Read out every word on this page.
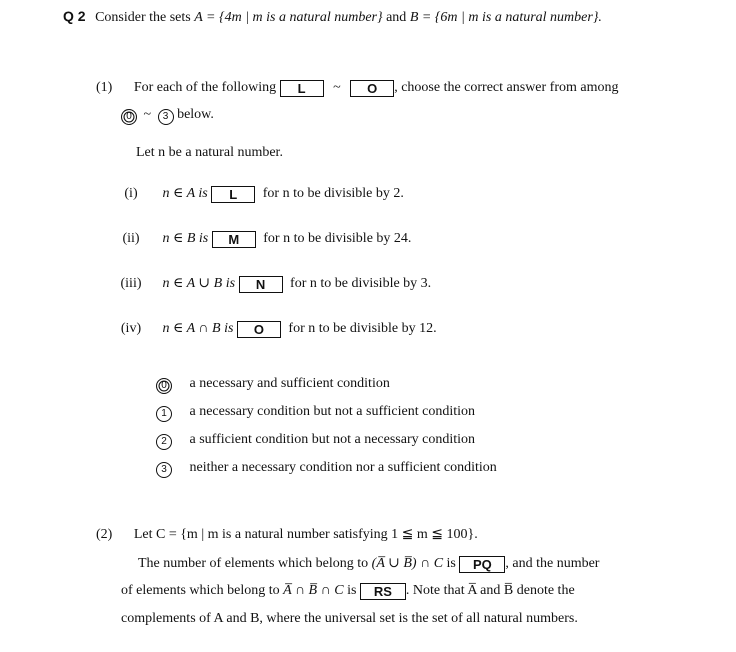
Q 2 Consider the sets A = {4m | m is a natural number} and B = {6m | m is a natural number}.
(1) For each of the following L ~ O , choose the correct answer from among
0 ~ 3 below.
Let n be a natural number.
(i) n ∈ A is L for n to be divisible by 2.
(ii) n ∈ B is M for n to be divisible by 24.
(iii) n ∈ A ∪ B is N for n to be divisible by 3.
(iv) n ∈ A ∩ B is O for n to be divisible by 12.
0 a necessary and sufficient condition
1 a necessary condition but not a sufficient condition
2 a sufficient condition but not a necessary condition
3 neither a necessary condition nor a sufficient condition
(2) Let C = {m | m is a natural number satisfying 1 ≦ m ≦ 100}.
The number of elements which belong to (A̅ ∪ B̅) ∩ C is PQ , and the number
of elements which belong to A̅ ∩ B̅ ∩ C is RS . Note that A̅ and B̅ denote the
complements of A and B, where the universal set is the set of all natural numbers.
